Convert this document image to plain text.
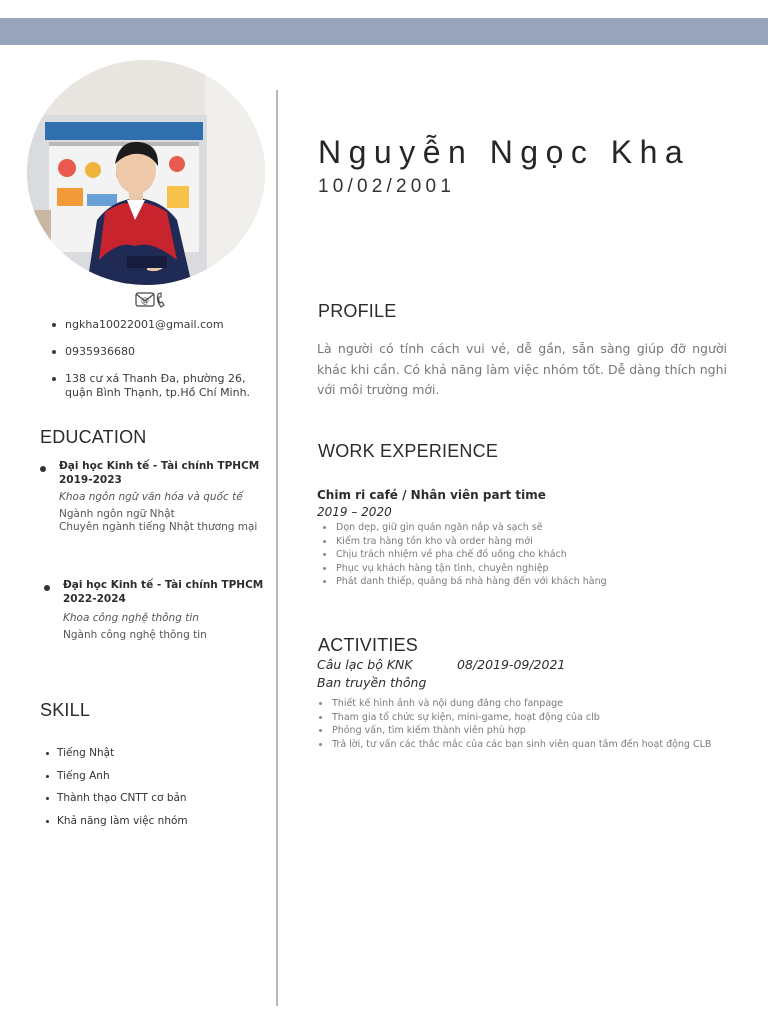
@
ngkha10022001@gmail.com
0935936680
138 cư xá Thanh Đa, phường 26, quận Bình Thạnh, tp.Hồ Chí Minh.
EDUCATION
Đại học Kinh tế - Tài chính TPHCM
2019-2023
Khoa ngôn ngữ văn hóa và quốc tế
Ngành ngôn ngữ Nhật
Chuyên ngành tiếng Nhật thương mại
Đại học Kinh tế - Tài chính TPHCM
2022-2024
Khoa công nghệ thông tin
Ngành công nghệ thông tin
SKILL
Tiếng Nhật
Tiếng Anh
Thành thạo CNTT cơ bản
Khả năng làm việc nhóm
Nguyễn Ngọc Kha
10/02/2001
PROFILE

Là người có tính cách vui vẻ, dễ gần, sẵn sàng giúp đỡ người khác khi cần. Có khả năng làm việc nhóm tốt. Dễ dàng thích nghi với môi trường mới.

WORK EXPERIENCE
Chim ri café / Nhân viên part time
2019 – 2020
Dọn dẹp, giữ gìn quán ngăn nắp và sạch sẽ
Kiểm tra hàng tồn kho và order hàng mới
Chịu trách nhiệm về pha chế đồ uống cho khách
Phục vụ khách hàng tận tình, chuyên nghiệp
Phát danh thiếp, quảng bá nhà hàng đến với khách hàng
ACTIVITIES
Câu lạc bộ KNK	08/2019-09/2021
Ban truyền thông
Thiết kế hình ảnh và nội dung đăng cho fanpage
Tham gia tổ chức sự kiện, mini-game, hoạt động của clb
Phỏng vấn, tìm kiếm thành viên phù hợp
Trả lời, tư vấn các thắc mắc của các bạn sinh viên quan tâm đến hoạt động CLB
